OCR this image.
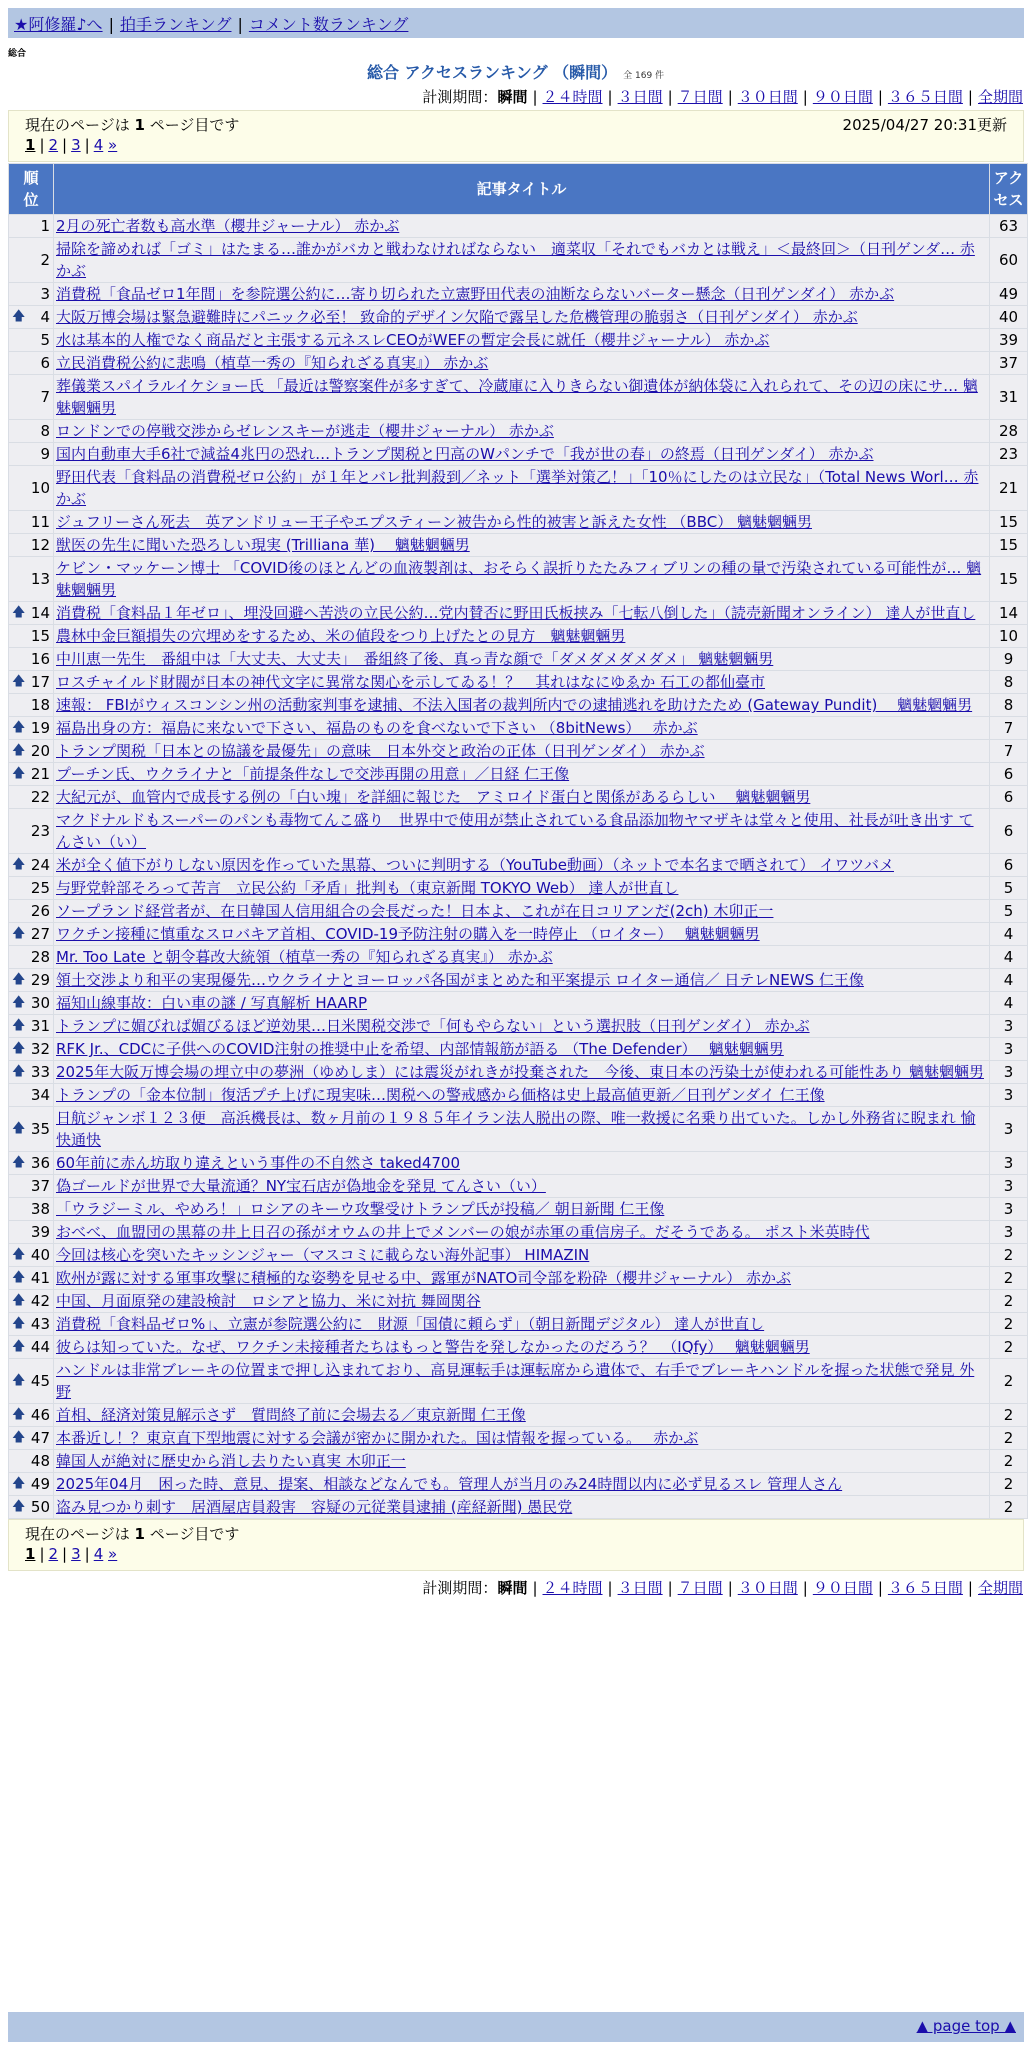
★阿修羅♪へ | 拍手ランキング | コメント数ランキング
総合
総合 アクセスランキング （瞬間） 全 169 件
計測期間：瞬間 | ２４時間 | ３日間 | ７日間 | ３０日間 | ９０日間 | ３６５日間 | 全期間
現在のページは 1 ページ目です	2025/04/27 20:31更新
1 | 2 | 3 | 4 »
順位	記事タイトル	アクセス
1	2月の死亡者数も高水準（櫻井ジャーナル） 赤かぶ	63
2	掃除を諦めれば「ゴミ」はたまる…誰かがバカと戦わなければならない　適菜収「それでもバカとは戦え」＜最終回＞（日刊ゲンダ… 赤かぶ	60
3	消費税「食品ゼロ1年間」を参院選公約に…寄り切られた立憲野田代表の油断ならないバーター懸念（日刊ゲンダイ） 赤かぶ	49

🡅 4	大阪万博会場は緊急避難時にパニック必至！ 致命的デザイン欠陥で露呈した危機管理の脆弱さ（日刊ゲンダイ） 赤かぶ	40
5	水は基本的人権でなく商品だと主張する元ネスレCEOがWEFの暫定会長に就任（櫻井ジャーナル） 赤かぶ	39
6	立民消費税公約に悲鳴（植草一秀の『知られざる真実』） 赤かぶ	37
7	葬儀業スパイラルイケショー氏 「最近は警察案件が多すぎて、冷蔵庫に入りきらない御遺体が納体袋に入れられて、その辺の床にサ… 魑魅魍魎男	31
8	ロンドンでの停戦交渉からゼレンスキーが逃走（櫻井ジャーナル） 赤かぶ	28
9	国内自動車大手6社で減益4兆円の恐れ…トランプ関税と円高のWパンチで「我が世の春」の終焉（日刊ゲンダイ） 赤かぶ	23
10	野田代表「食料品の消費税ゼロ公約」が１年とバレ批判殺到／ネット「選挙対策乙！」「10％にしたのは立民な」（Total News Worl… 赤かぶ	21
11	ジュフリーさん死去　英アンドリュー王子やエプスティーン被告から性的被害と訴えた女性 （BBC） 魑魅魍魎男	15
12	獣医の先生に聞いた恐ろしい現実 (Trilliana 華)　 魑魅魍魎男	15
13	ケビン・マッケーン博士 「COVID後のほとんどの血液製剤は、おそらく誤折りたたみフィブリンの種の量で汚染されている可能性が… 魑魅魍魎男	15

🡅 14	消費税「食料品１年ゼロ」、埋没回避へ苦渋の立民公約…党内賛否に野田氏板挟み「七転八倒した」（読売新聞オンライン） 達人が世直し	14
15	農林中金巨額損失の穴埋めをするため、米の値段をつり上げたとの見方　魑魅魍魎男	10
16	中川恵一先生　番組中は「大丈夫、大丈夫」　番組終了後、真っ青な顔で「ダメダメダメダメ」 魑魅魍魎男	9

🡅 17	ロスチャイルド財閥が日本の神代文字に異常な関心を示してゐる！？　其れはなにゆゑか 石工の都仙臺市	8
18	速報： FBIがウィスコンシン州の活動家判事を逮捕、不法入国者の裁判所内での逮捕逃れを助けたため (Gateway Pundit)　 魑魅魍魎男	8

🡅 19	福島出身の方：福島に来ないで下さい、福島のものを食べないで下さい （8bitNews）　 赤かぶ	7

🡅 20	トランプ関税「日本との協議を最優先」の意味　日本外交と政治の正体（日刊ゲンダイ） 赤かぶ	7

🡅 21	プーチン氏、ウクライナと「前提条件なしで交渉再開の用意」／日経 仁王像	6
22	大紀元が、血管内で成長する例の「白い塊」を詳細に報じた　アミロイド蛋白と関係があるらしい　 魑魅魍魎男	6
23	マクドナルドもスーパーのパンも毒物てんこ盛り　世界中で使用が禁止されている食品添加物ヤマザキは堂々と使用、社長が吐き出す てんさい（い）	6

🡅 24	米が全く値下がりしない原因を作っていた黒幕、ついに判明する（YouTube動画）（ネットで本名まで晒されて） イワツバメ	6
25	与野党幹部そろって苦言　立民公約「矛盾」批判も（東京新聞 TOKYO Web） 達人が世直し	5
26	ソープランド経営者が、在日韓国人信用組合の会長だった！日本よ、これが在日コリアンだ(2ch) 木卯正一	5

🡅 27	ワクチン接種に慎重なスロバキア首相、COVID-19予防注射の購入を一時停止 （ロイター）　 魑魅魍魎男	4
28	Mr. Too Late と朝令暮改大統領（植草一秀の『知られざる真実』） 赤かぶ	4

🡅 29	領土交渉より和平の実現優先…ウクライナとヨーロッパ各国がまとめた和平案提示 ロイター通信／ 日テレNEWS 仁王像	4

🡅 30	福知山線事故：白い車の謎 / 写真解析 HAARP	4

🡅 31	トランプに媚びれば媚びるほど逆効果…日米関税交渉で「何もやらない」という選択肢（日刊ゲンダイ） 赤かぶ	3

🡅 32	RFK Jr.、CDCに子供へのCOVID注射の推奨中止を希望、内部情報筋が語る （The Defender）　 魑魅魍魎男	3

🡅 33	2025年大阪万博会場の埋立中の夢洲（ゆめしま）には震災がれきが投棄された　今後、東日本の汚染土が使われる可能性あり 魑魅魍魎男	3
34	トランプの「金本位制」復活プチ上げに現実味…関税への警戒感から価格は史上最高値更新／日刊ゲンダイ 仁王像	3

🡅 35	日航ジャンボ１２３便　高浜機長は、数ヶ月前の１９８５年イラン法人脱出の際、唯一救援に名乗り出ていた。しかし外務省に睨まれ 愉快通快	3

🡅 36	60年前に赤ん坊取り違えという事件の不自然さ taked4700	3
37	偽ゴールドが世界で大量流通？NY宝石店が偽地金を発見 てんさい（い）	3
38	「ウラジーミル、やめろ！」ロシアのキーウ攻撃受けトランプ氏が投稿／ 朝日新聞 仁王像	3
39	おべべ、血盟団の黒幕の井上日召の孫がオウムの井上でメンバーの娘が赤軍の重信房子。だそうである。 ポスト米英時代	3

🡅 40	今回は核心を突いたキッシンジャー（マスコミに載らない海外記事） HIMAZIN	2

🡅 41	欧州が露に対する軍事攻撃に積極的な姿勢を見せる中、露軍がNATO司令部を粉砕（櫻井ジャーナル） 赤かぶ	2

🡅 42	中国、月面原発の建設検討　ロシアと協力、米に対抗 舞岡関谷	2

🡅 43	消費税「食料品ゼロ%」、立憲が参院選公約に　財源「国債に頼らず」（朝日新聞デジタル） 達人が世直し	2

🡅 44	彼らは知っていた。なぜ、ワクチン未接種者たちはもっと警告を発しなかったのだろう？　（IQfy）　 魑魅魍魎男	2

🡅 45	ハンドルは非常ブレーキの位置まで押し込まれており、高見運転手は運転席から遺体で、右手でブレーキハンドルを握った状態で発見 外野	2

🡅 46	首相、経済対策見解示さず　質問終了前に会場去る／東京新聞 仁王像	2

🡅 47	本番近し！？東京直下型地震に対する会議が密かに開かれた。国は情報を握っている。　 赤かぶ	2
48	韓国人が絶対に歴史から消し去りたい真実 木卯正一	2

🡅 49	2025年04月　困った時、意見、提案、相談などなんでも。管理人が当月のみ24時間以内に必ず見るスレ 管理人さん	2

🡅 50	盗み見つかり刺す　居酒屋店員殺害　容疑の元従業員逮捕 (産経新聞) 愚民党	2
現在のページは 1 ページ目です
1 | 2 | 3 | 4 »
計測期間：瞬間 | ２４時間 | ３日間 | ７日間 | ３０日間 | ９０日間 | ３６５日間 | 全期間
▲ page top ▲
